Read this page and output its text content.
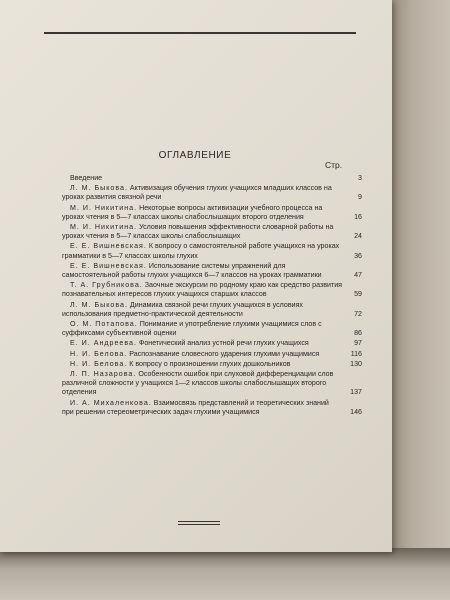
ОГЛАВЛЕНИЕ
Стр.
Введение	3
Л. М. Быкова. Активизация обучения глухих учащихся младших классов на уроках развития связной речи	9
М. И. Никитина. Некоторые вопросы активизации учебного процесса на уроках чтения в 5—7 классах школы слабослышащих второго отделения	16
М. И. Никитина. Условия повышения эффективности словарной работы на уроках чтения в 5—7 классах школы слабослышащих	24
Е. Е. Вишневская. К вопросу о самостоятельной работе учащихся на уроках грамматики в 5—7 классах школы глухих	36
Е. Е. Вишневская. Использование системы упражнений для самостоятельной работы глухих учащихся 6—7 классов на уроках грамматики	47
Т. А. Грубникова. Заочные экскурсии по родному краю как средство развития познавательных интересов глухих учащихся старших классов	59
Л. М. Быкова. Динамика связной речи глухих учащихся в условиях использования предметно-практической деятельности	72
О. М. Потапова. Понимание и употребление глухими учащимися слов с суффиксами субъективной оценки	86
Е. И. Андреева. Фонетический анализ устной речи глухих учащихся	97
Н. И. Белова. Распознавание словесного ударения глухими учащимися	116
Н. И. Белова. К вопросу о произношении глухих дошкольников	130
Л. П. Назарова. Особенности ошибок при слуховой дифференциации слов различной сложности у учащихся 1—2 классов школы слабослышащих второго отделения	137
И. А. Михаленкова. Взаимосвязь представлений и теоретических знаний при решении стереометрических задач глухими учащимися	146
